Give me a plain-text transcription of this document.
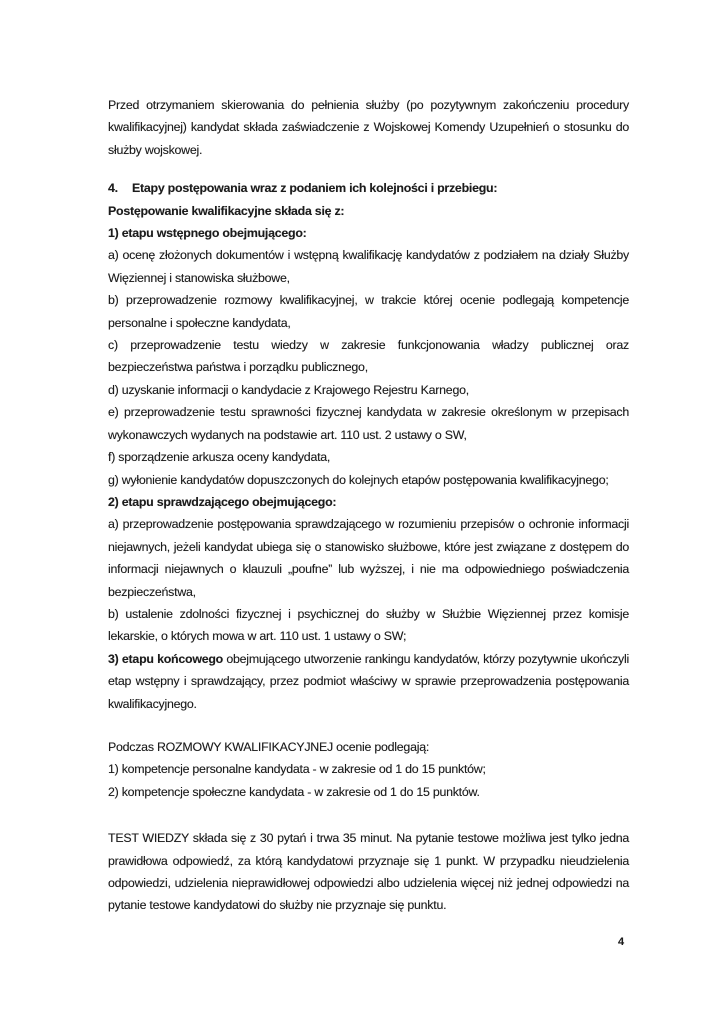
Przed otrzymaniem skierowania do pełnienia służby (po pozytywnym zakończeniu procedury kwalifikacyjnej) kandydat składa zaświadczenie z Wojskowej Komendy Uzupełnień o stosunku do służby wojskowej.

4. Etapy postępowania wraz z podaniem ich kolejności i przebiegu:

Postępowanie kwalifikacyjne składa się z:

1) etapu wstępnego obejmującego:

a) ocenę złożonych dokumentów i wstępną kwalifikację kandydatów z podziałem na działy Służby Więziennej i stanowiska służbowe,

b) przeprowadzenie rozmowy kwalifikacyjnej, w trakcie której ocenie podlegają kompetencje personalne i społeczne kandydata,

c) przeprowadzenie testu wiedzy w zakresie funkcjonowania władzy publicznej oraz bezpieczeństwa państwa i porządku publicznego,

d) uzyskanie informacji o kandydacie z Krajowego Rejestru Karnego,

e) przeprowadzenie testu sprawności fizycznej kandydata w zakresie określonym w przepisach wykonawczych wydanych na podstawie art. 110 ust. 2 ustawy o SW,

f) sporządzenie arkusza oceny kandydata,

g) wyłonienie kandydatów dopuszczonych do kolejnych etapów postępowania kwalifikacyjnego;

2) etapu sprawdzającego obejmującego:

a) przeprowadzenie postępowania sprawdzającego w rozumieniu przepisów o ochronie informacji niejawnych, jeżeli kandydat ubiega się o stanowisko służbowe, które jest związane z dostępem do informacji niejawnych o klauzuli „poufne” lub wyższej, i nie ma odpowiedniego poświadczenia bezpieczeństwa,

b) ustalenie zdolności fizycznej i psychicznej do służby w Służbie Więziennej przez komisje lekarskie, o których mowa w art. 110 ust. 1 ustawy o SW;

3) etapu końcowego obejmującego utworzenie rankingu kandydatów, którzy pozytywnie ukończyli etap wstępny i sprawdzający, przez podmiot właściwy w sprawie przeprowadzenia postępowania kwalifikacyjnego.

Podczas ROZMOWY KWALIFIKACYJNEJ ocenie podlegają:

1) kompetencje personalne kandydata - w zakresie od 1 do 15 punktów;

2) kompetencje społeczne kandydata - w zakresie od 1 do 15 punktów.

TEST WIEDZY składa się z 30 pytań i trwa 35 minut. Na pytanie testowe możliwa jest tylko jedna prawidłowa odpowiedź, za którą kandydatowi przyznaje się 1 punkt. W przypadku nieudzielenia odpowiedzi, udzielenia nieprawidłowej odpowiedzi albo udzielenia więcej niż jednej odpowiedzi na pytanie testowe kandydatowi do służby nie przyznaje się punktu.

4
